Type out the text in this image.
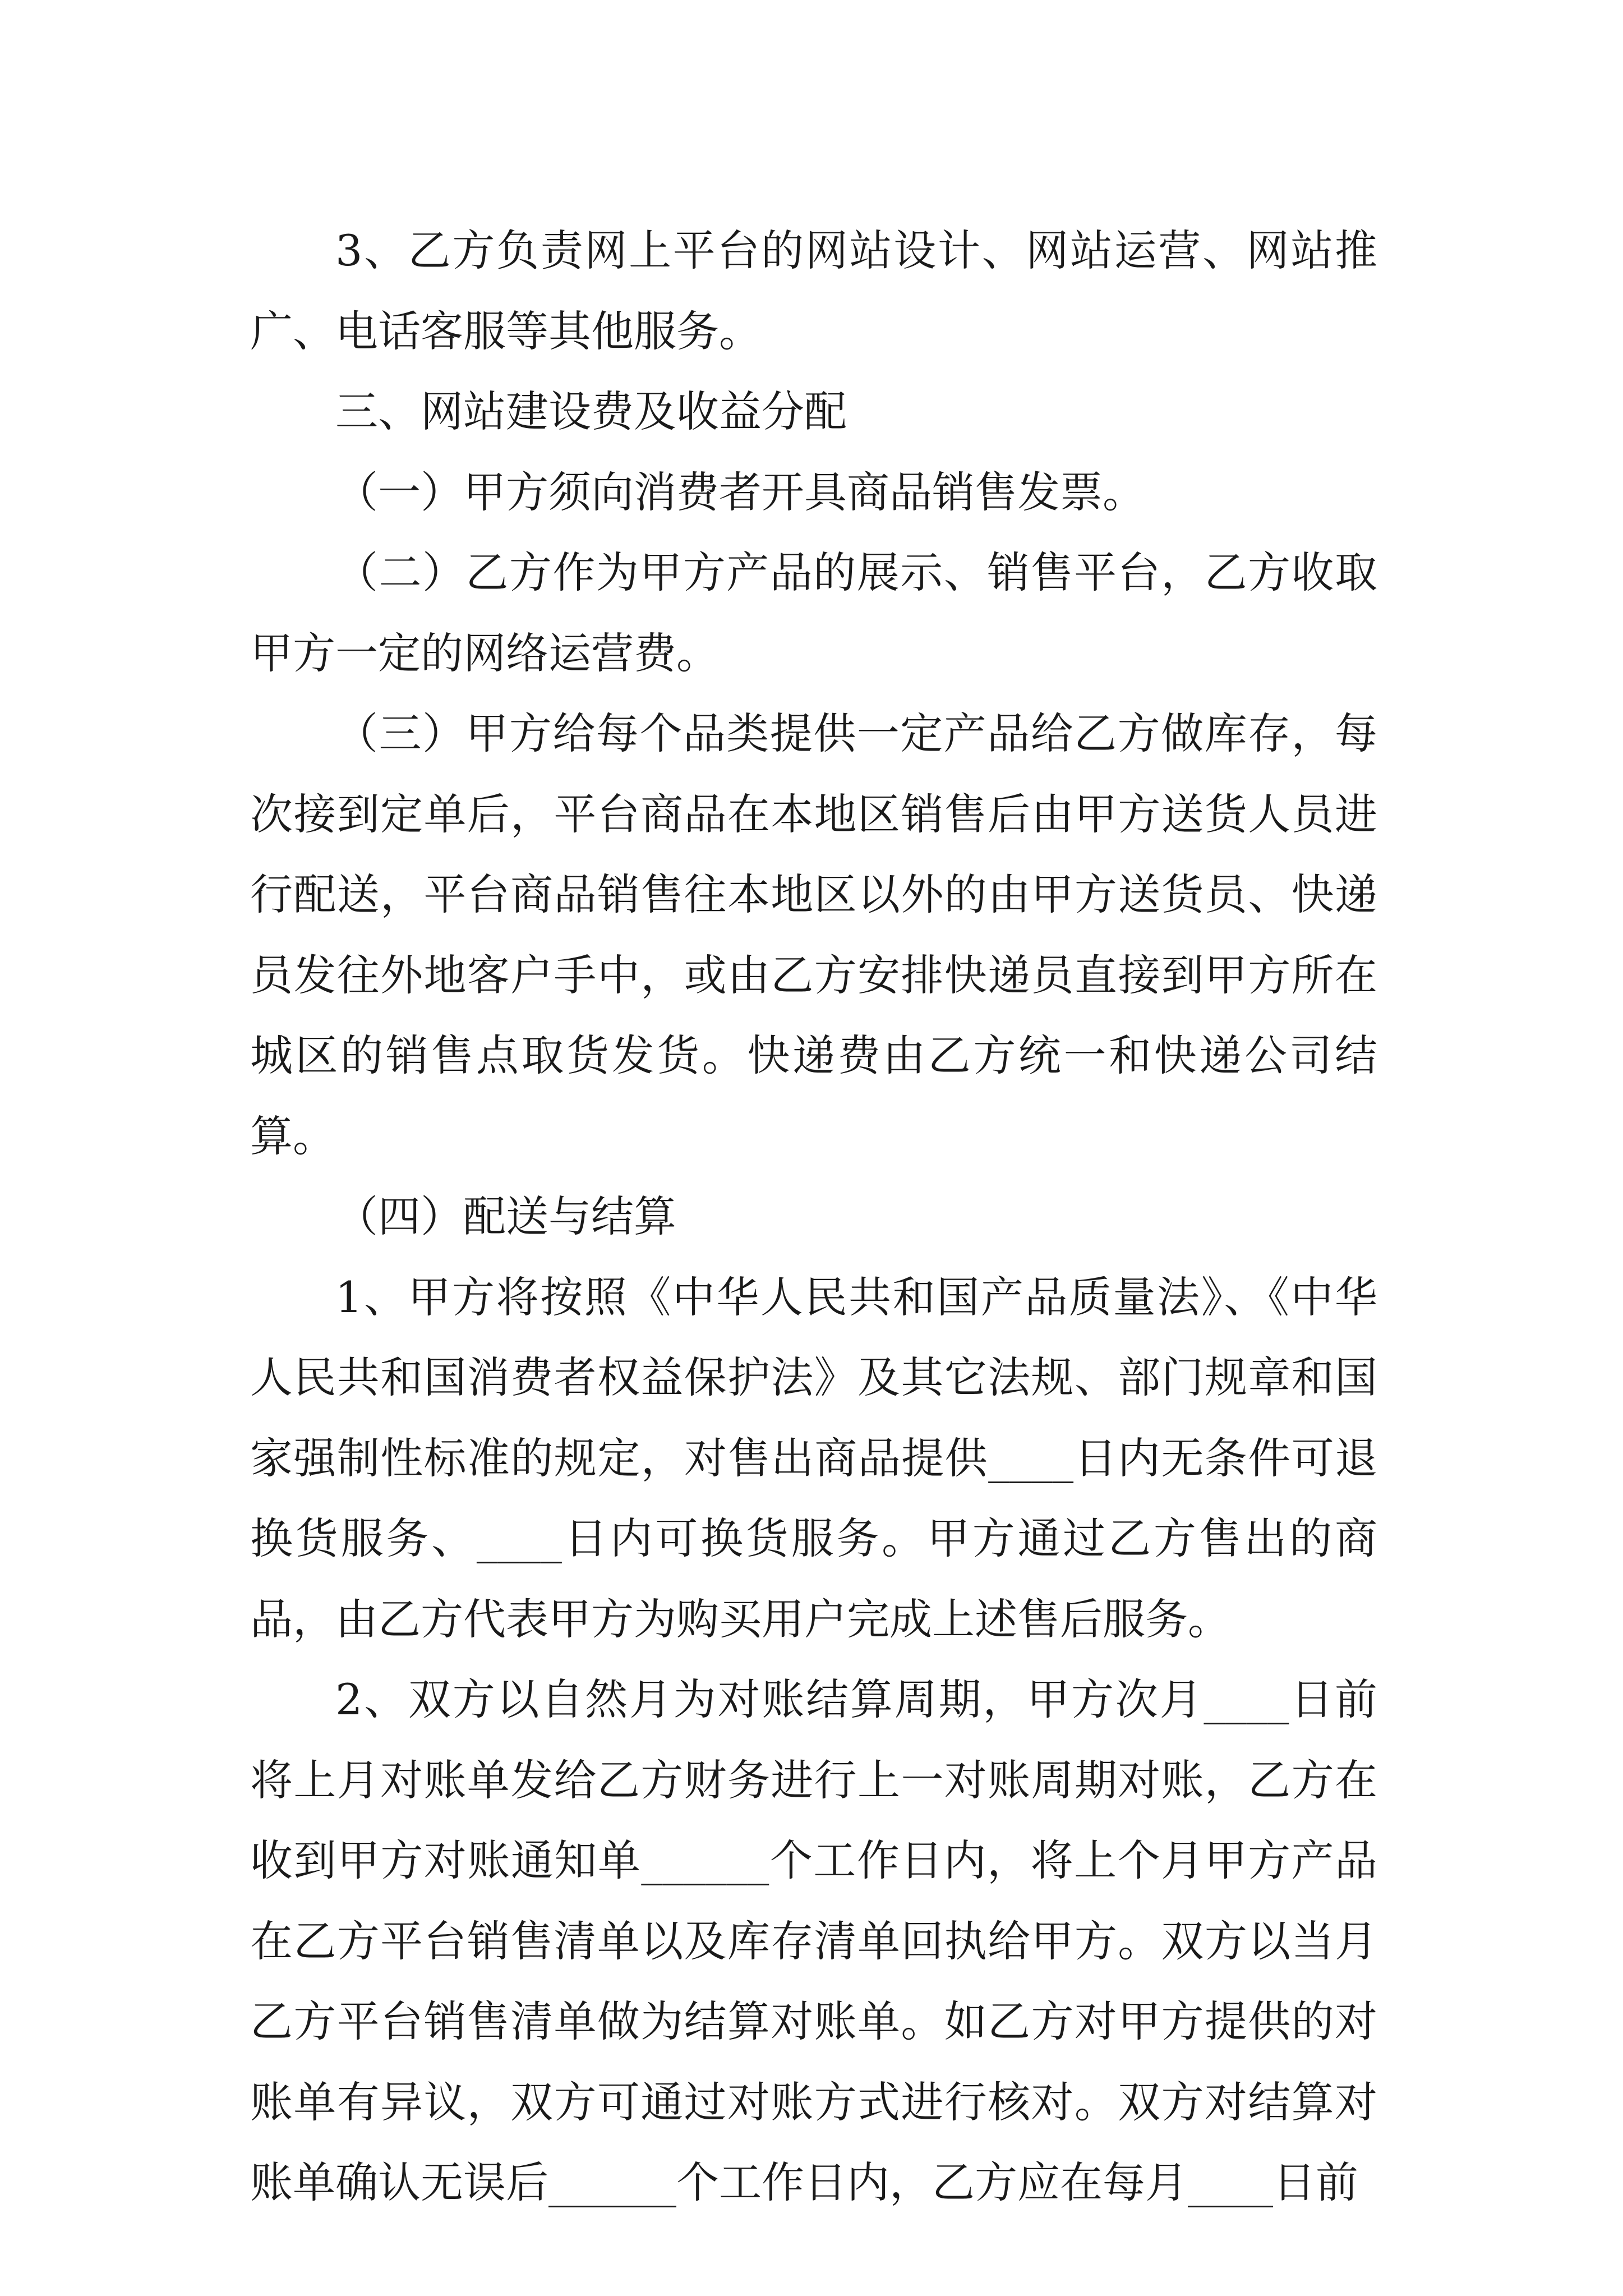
3、乙方负责网上平台的网站设计、网站运营、网站推广、电话客服等其他服务。

三、网站建设费及收益分配

（一）甲方须向消费者开具商品销售发票。

（二）乙方作为甲方产品的展示、销售平台，乙方收取甲方一定的网络运营费。

（三）甲方给每个品类提供一定产品给乙方做库存，每次接到定单后，平台商品在本地区销售后由甲方送货人员进行配送，平台商品销售往本地区以外的由甲方送货员、快递员发往外地客户手中，或由乙方安排快递员直接到甲方所在城区的销售点取货发货。快递费由乙方统一和快递公司结算。

（四）配送与结算

1、甲方将按照《中华人民共和国产品质量法》、《中华人民共和国消费者权益保护法》及其它法规、部门规章和国家强制性标准的规定，对售出商品提供____日内无条件可退换货服务、____日内可换货服务。甲方通过乙方售出的商品，由乙方代表甲方为购买用户完成上述售后服务。

2、双方以自然月为对账结算周期，甲方次月____日前将上月对账单发给乙方财务进行上一对账周期对账，乙方在收到甲方对账通知单______个工作日内，将上个月甲方产品在乙方平台销售清单以及库存清单回执给甲方。双方以当月乙方平台销售清单做为结算对账单。如乙方对甲方提供的对账单有异议，双方可通过对账方式进行核对。双方对结算对账单确认无误后______个工作日内，乙方应在每月____日前
